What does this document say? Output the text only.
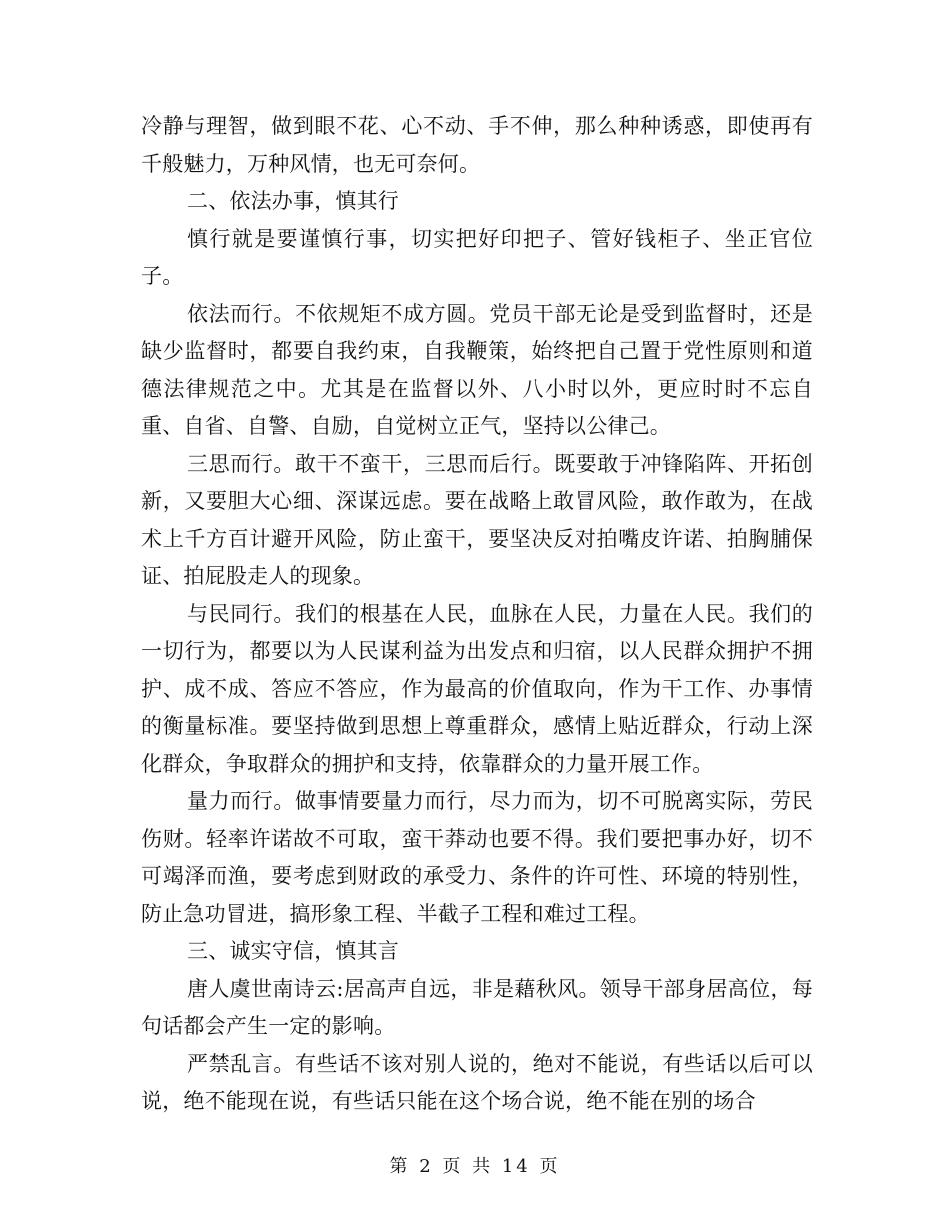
冷静与理智，做到眼不花、心不动、手不伸，那么种种诱惑，即使再有千般魅力，万种风情，也无可奈何。

二、依法办事，慎其行

慎行就是要谨慎行事，切实把好印把子、管好钱柜子、坐正官位子。

依法而行。不依规矩不成方圆。党员干部无论是受到监督时，还是缺少监督时，都要自我约束，自我鞭策，始终把自己置于党性原则和道德法律规范之中。尤其是在监督以外、八小时以外，更应时时不忘自重、自省、自警、自励，自觉树立正气，坚持以公律己。

三思而行。敢干不蛮干，三思而后行。既要敢于冲锋陷阵、开拓创新，又要胆大心细、深谋远虑。要在战略上敢冒风险，敢作敢为，在战术上千方百计避开风险，防止蛮干，要坚决反对拍嘴皮许诺、拍胸脯保证、拍屁股走人的现象。

与民同行。我们的根基在人民，血脉在人民，力量在人民。我们的一切行为，都要以为人民谋利益为出发点和归宿，以人民群众拥护不拥护、成不成、答应不答应，作为最高的价值取向，作为干工作、办事情的衡量标准。要坚持做到思想上尊重群众，感情上贴近群众，行动上深化群众，争取群众的拥护和支持，依靠群众的力量开展工作。

量力而行。做事情要量力而行，尽力而为，切不可脱离实际，劳民伤财。轻率许诺故不可取，蛮干莽动也要不得。我们要把事办好，切不可竭泽而渔，要考虑到财政的承受力、条件的许可性、环境的特别性，防止急功冒进，搞形象工程、半截子工程和难过工程。

三、诚实守信，慎其言

唐人虞世南诗云:居高声自远，非是藉秋风。领导干部身居高位，每句话都会产生一定的影响。

严禁乱言。有些话不该对别人说的，绝对不能说，有些话以后可以说，绝不能现在说，有些话只能在这个场合说，绝不能在别的场合

第 2 页 共 14 页
